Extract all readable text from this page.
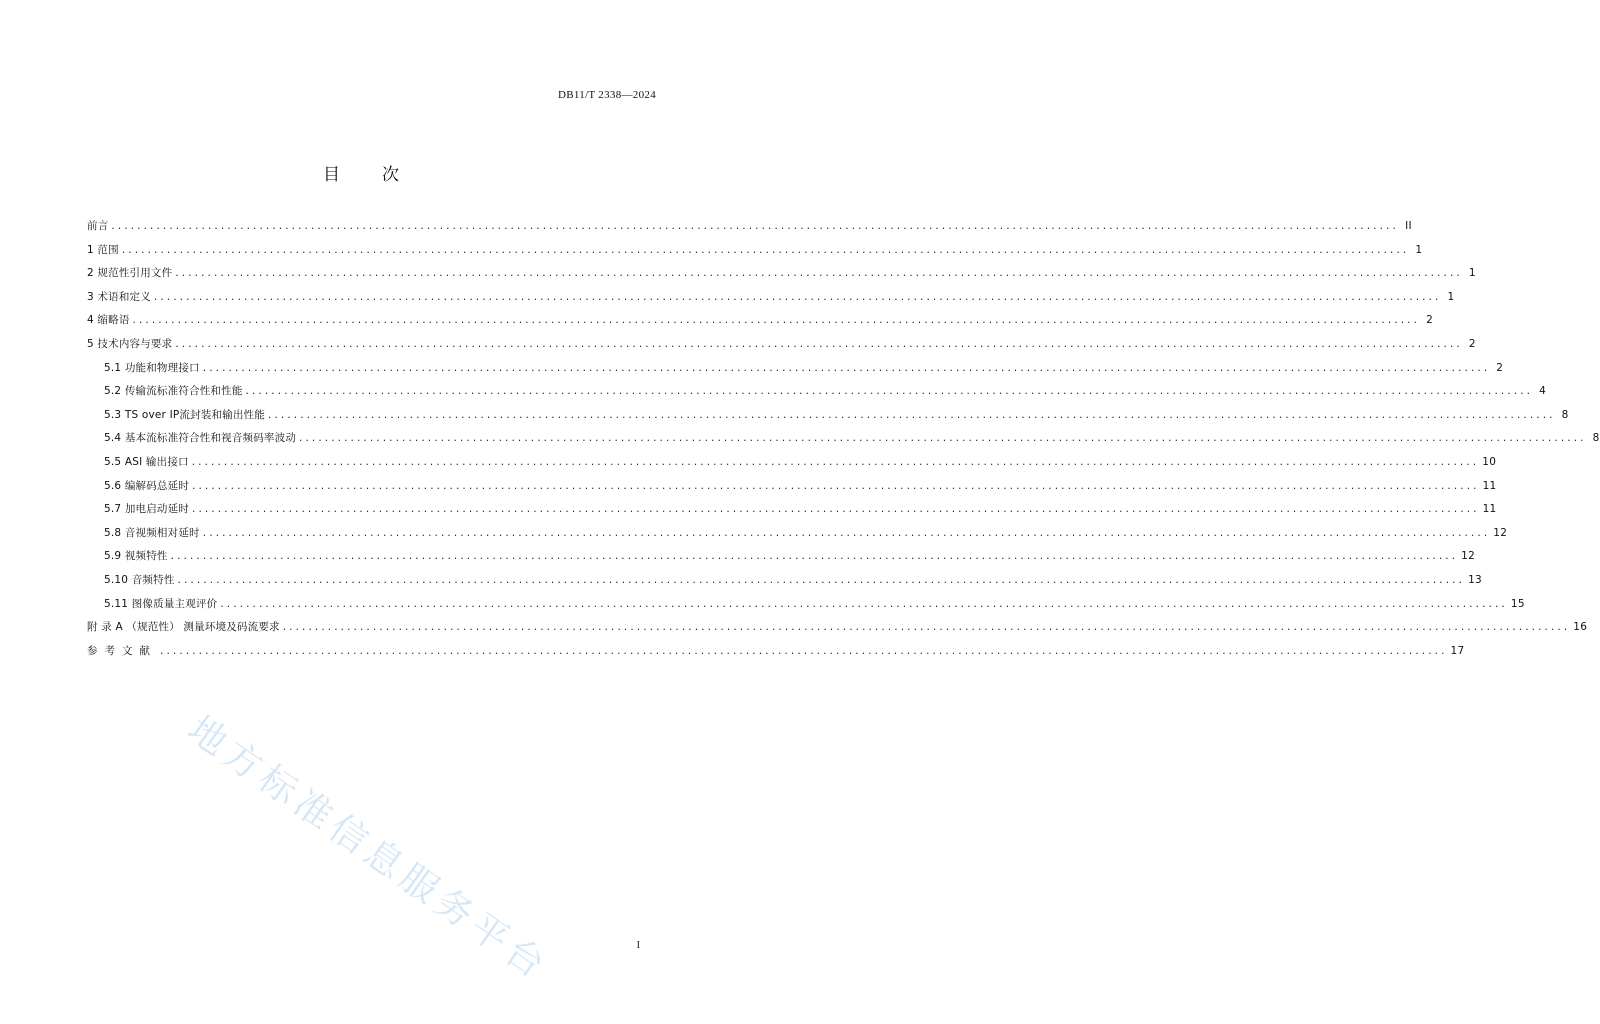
DB11/T 2338—2024
目 次
前言 ........................................................................................................................................................................................................ II
1 范围 ........................................................................................................................................................................................................ 1
2 规范性引用文件 ........................................................................................................................................................................................................ 1
3 术语和定义 ........................................................................................................................................................................................................ 1
4 缩略语 ........................................................................................................................................................................................................ 2
5 技术内容与要求 ........................................................................................................................................................................................................ 2
5.1 功能和物理接口 ........................................................................................................................................................................................................ 2
5.2 传输流标准符合性和性能 ........................................................................................................................................................................................................ 4
5.3 TS over IP流封装和输出性能 ........................................................................................................................................................................................................ 8
5.4 基本流标准符合性和视音频码率波动 ........................................................................................................................................................................................................ 8
5.5 ASI 输出接口 ........................................................................................................................................................................................................ 10
5.6 编解码总延时 ........................................................................................................................................................................................................ 11
5.7 加电启动延时 ........................................................................................................................................................................................................ 11
5.8 音视频相对延时 ........................................................................................................................................................................................................ 12
5.9 视频特性 ........................................................................................................................................................................................................ 12
5.10 音频特性 ........................................................................................................................................................................................................ 13
5.11 图像质量主观评价 ........................................................................................................................................................................................................ 15
附 录 A （规范性） 测量环境及码流要求 ........................................................................................................................................................................................................ 16
参考文献 ........................................................................................................................................................................................................ 17
地方标准信息服务平台	I
